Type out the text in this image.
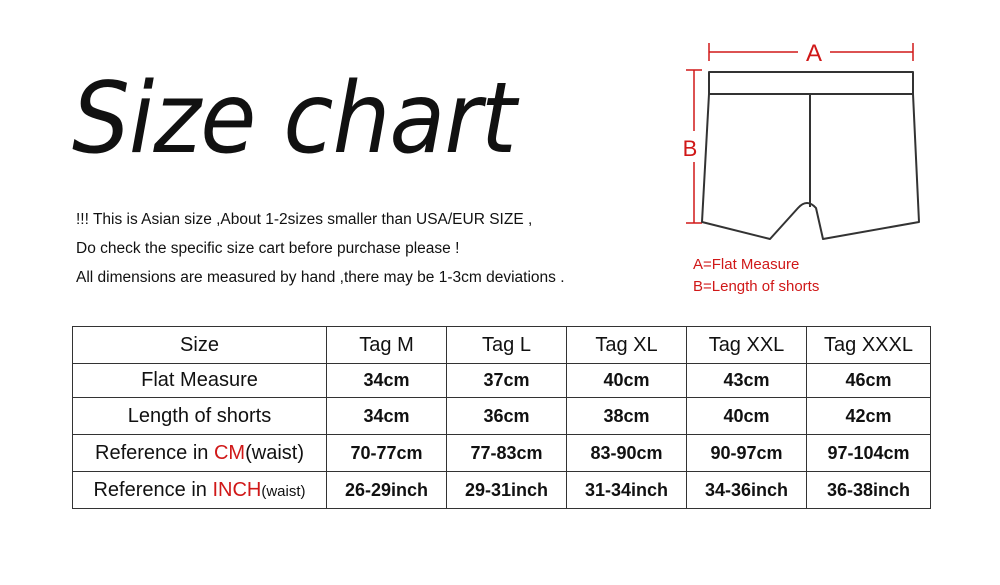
Size chart
!!! This is Asian size ,About 1-2sizes smaller than USA/EUR SIZE ,
Do check the specific size cart before purchase please !
All dimensions are measured by hand ,there may be 1-3cm deviations .
A
B
A=Flat Measure
B=Length of shorts
Size	Tag M	Tag L	Tag XL	Tag XXL	Tag XXXL
Flat Measure	34cm	37cm	40cm	43cm	46cm
Length of shorts	34cm	36cm	38cm	40cm	42cm
Reference in CM(waist)	70-77cm	77-83cm	83-90cm	90-97cm	97-104cm
Reference in INCH(waist)	26-29inch	29-31inch	31-34inch	34-36inch	36-38inch
